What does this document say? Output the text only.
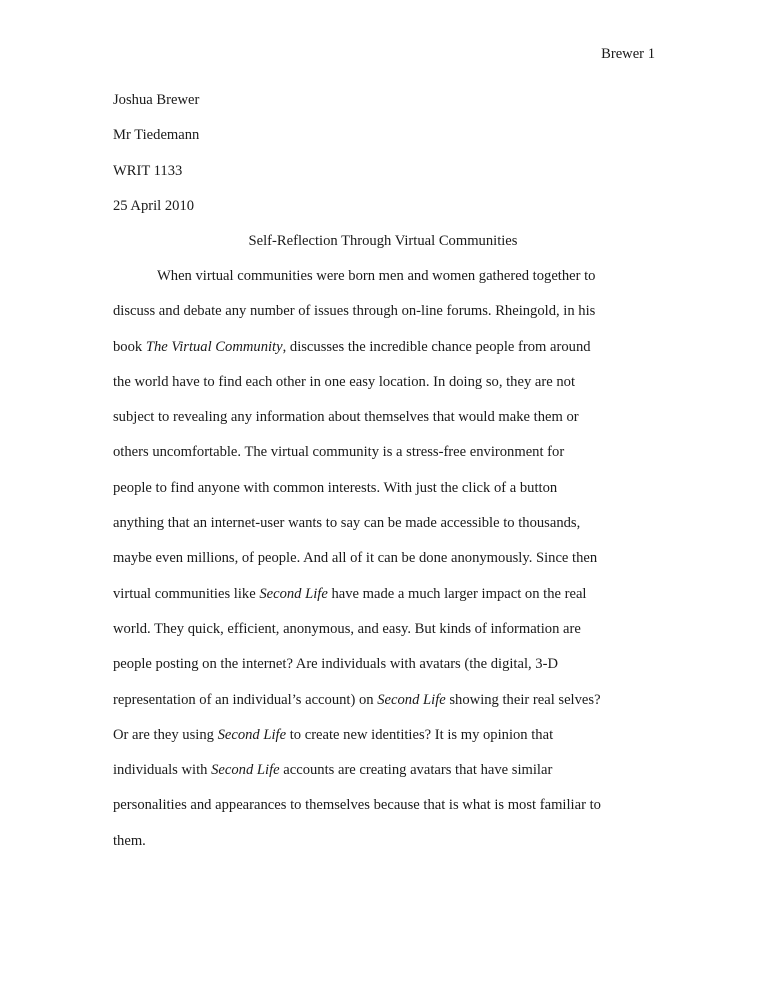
Brewer 1
Joshua Brewer
Mr Tiedemann
WRIT 1133
25 April 2010
Self-Reflection Through Virtual Communities
When virtual communities were born men and women gathered together to
discuss and debate any number of issues through on-line forums. Rheingold, in his
book The Virtual Community, discusses the incredible chance people from around
the world have to find each other in one easy location. In doing so, they are not
subject to revealing any information about themselves that would make them or
others uncomfortable. The virtual community is a stress-free environment for
people to find anyone with common interests. With just the click of a button
anything that an internet-user wants to say can be made accessible to thousands,
maybe even millions, of people. And all of it can be done anonymously. Since then
virtual communities like Second Life have made a much larger impact on the real
world. They quick, efficient, anonymous, and easy. But kinds of information are
people posting on the internet? Are individuals with avatars (the digital, 3-D
representation of an individual’s account) on Second Life showing their real selves?
Or are they using Second Life to create new identities? It is my opinion that
individuals with Second Life accounts are creating avatars that have similar
personalities and appearances to themselves because that is what is most familiar to
them.
